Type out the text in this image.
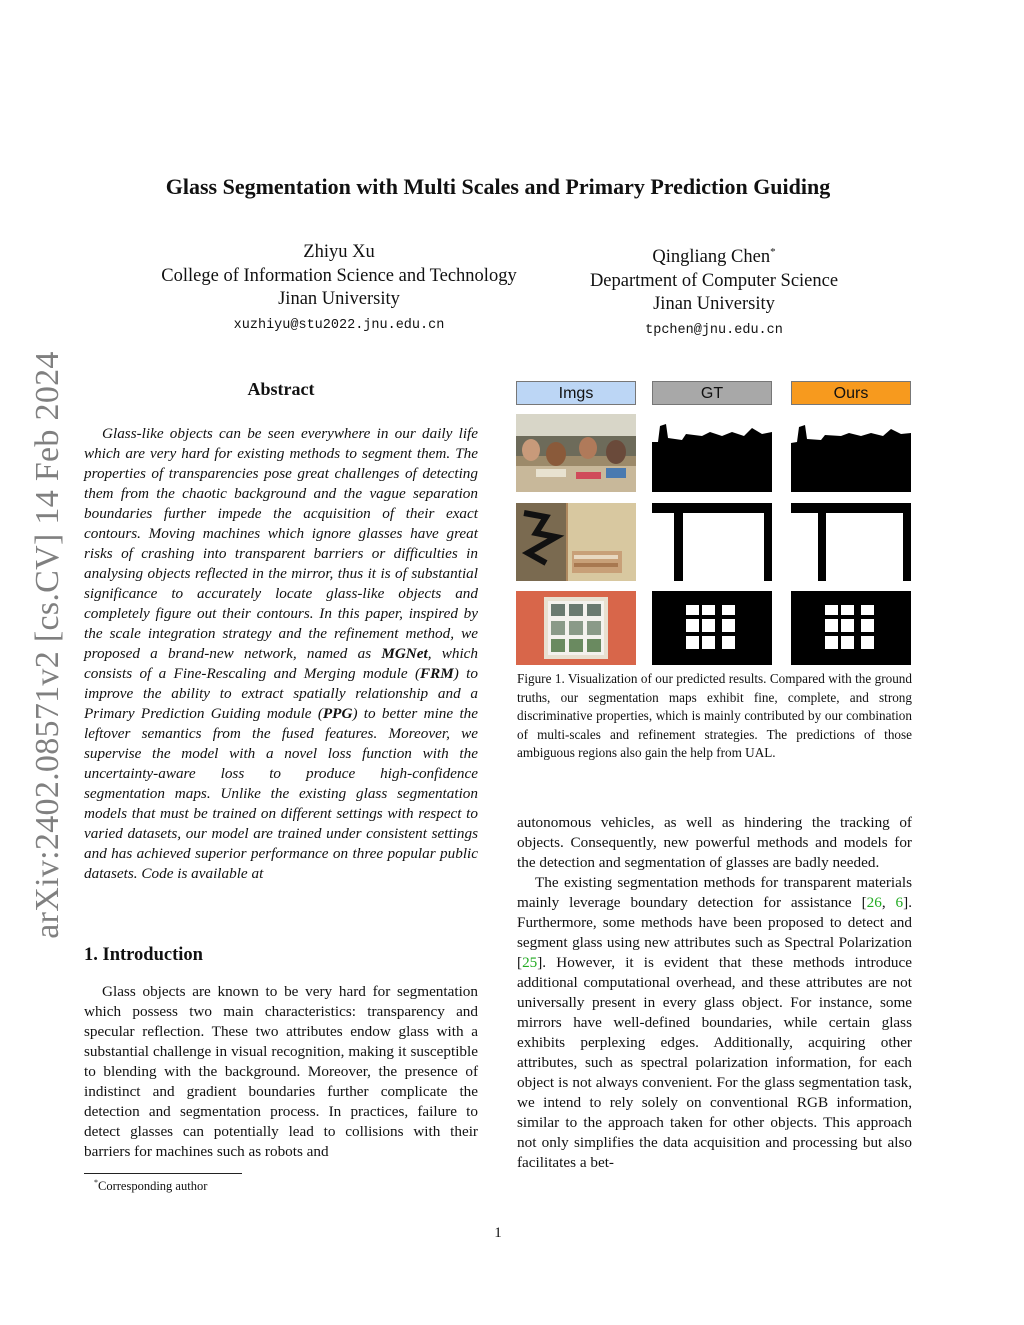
arXiv:2402.08571v2 [cs.CV] 14 Feb 2024
Glass Segmentation with Multi Scales and Primary Prediction Guiding
Zhiyu Xu
College of Information Science and Technology
Jinan University
xuzhiyu@stu2022.jnu.edu.cn
Qingliang Chen*
Department of Computer Science
Jinan University
tpchen@jnu.edu.cn
Abstract

Glass-like objects can be seen everywhere in our daily life which are very hard for existing methods to segment them. The properties of transparencies pose great challenges of detecting them from the chaotic background and the vague separation boundaries further impede the acquisition of their exact contours. Moving machines which ignore glasses have great risks of crashing into transparent barriers or difficulties in analysing objects reflected in the mirror, thus it is of substantial significance to accurately locate glass-like objects and completely figure out their contours. In this paper, inspired by the scale integration strategy and the refinement method, we proposed a brand-new network, named as MGNet, which consists of a Fine-Rescaling and Merging module (FRM) to improve the ability to extract spatially relationship and a Primary Prediction Guiding module (PPG) to better mine the leftover semantics from the fused features. Moreover, we supervise the model with a novel loss function with the uncertainty-aware loss to produce high-confidence segmentation maps. Unlike the existing glass segmentation models that must be trained on different settings with respect to varied datasets, our model are trained under consistent settings and has achieved superior performance on three popular public datasets. Code is available at

1. Introduction

Glass objects are known to be very hard for segmentation which possess two main characteristics: transparency and specular reflection. These two attributes endow glass with a substantial challenge in visual recognition, making it susceptible to blending with the background. Moreover, the presence of indistinct and gradient boundaries further complicate the detection and segmentation process. In practices, failure to detect glasses can potentially lead to collisions with their barriers for machines such as robots and

*Corresponding author
Imgs	GT	Ours
Figure 1. Visualization of our predicted results. Compared with the ground truths, our segmentation maps exhibit fine, complete, and strong discriminative properties, which is mainly contributed by our combination of multi-scales and refinement strategies. The predictions of those ambiguous regions also gain the help from UAL.

autonomous vehicles, as well as hindering the tracking of objects. Consequently, new powerful methods and models for the detection and segmentation of glasses are badly needed.

The existing segmentation methods for transparent materials mainly leverage boundary detection for assistance [26, 6]. Furthermore, some methods have been proposed to detect and segment glass using new attributes such as Spectral Polarization [25]. However, it is evident that these methods introduce additional computational overhead, and these attributes are not universally present in every glass object. For instance, some mirrors have well-defined boundaries, while certain glass exhibits perplexing edges. Additionally, acquiring other attributes, such as spectral polarization information, for each object is not always convenient. For the glass segmentation task, we intend to rely solely on conventional RGB information, similar to the approach taken for other objects. This approach not only simplifies the data acquisition and processing but also facilitates a bet-

1
